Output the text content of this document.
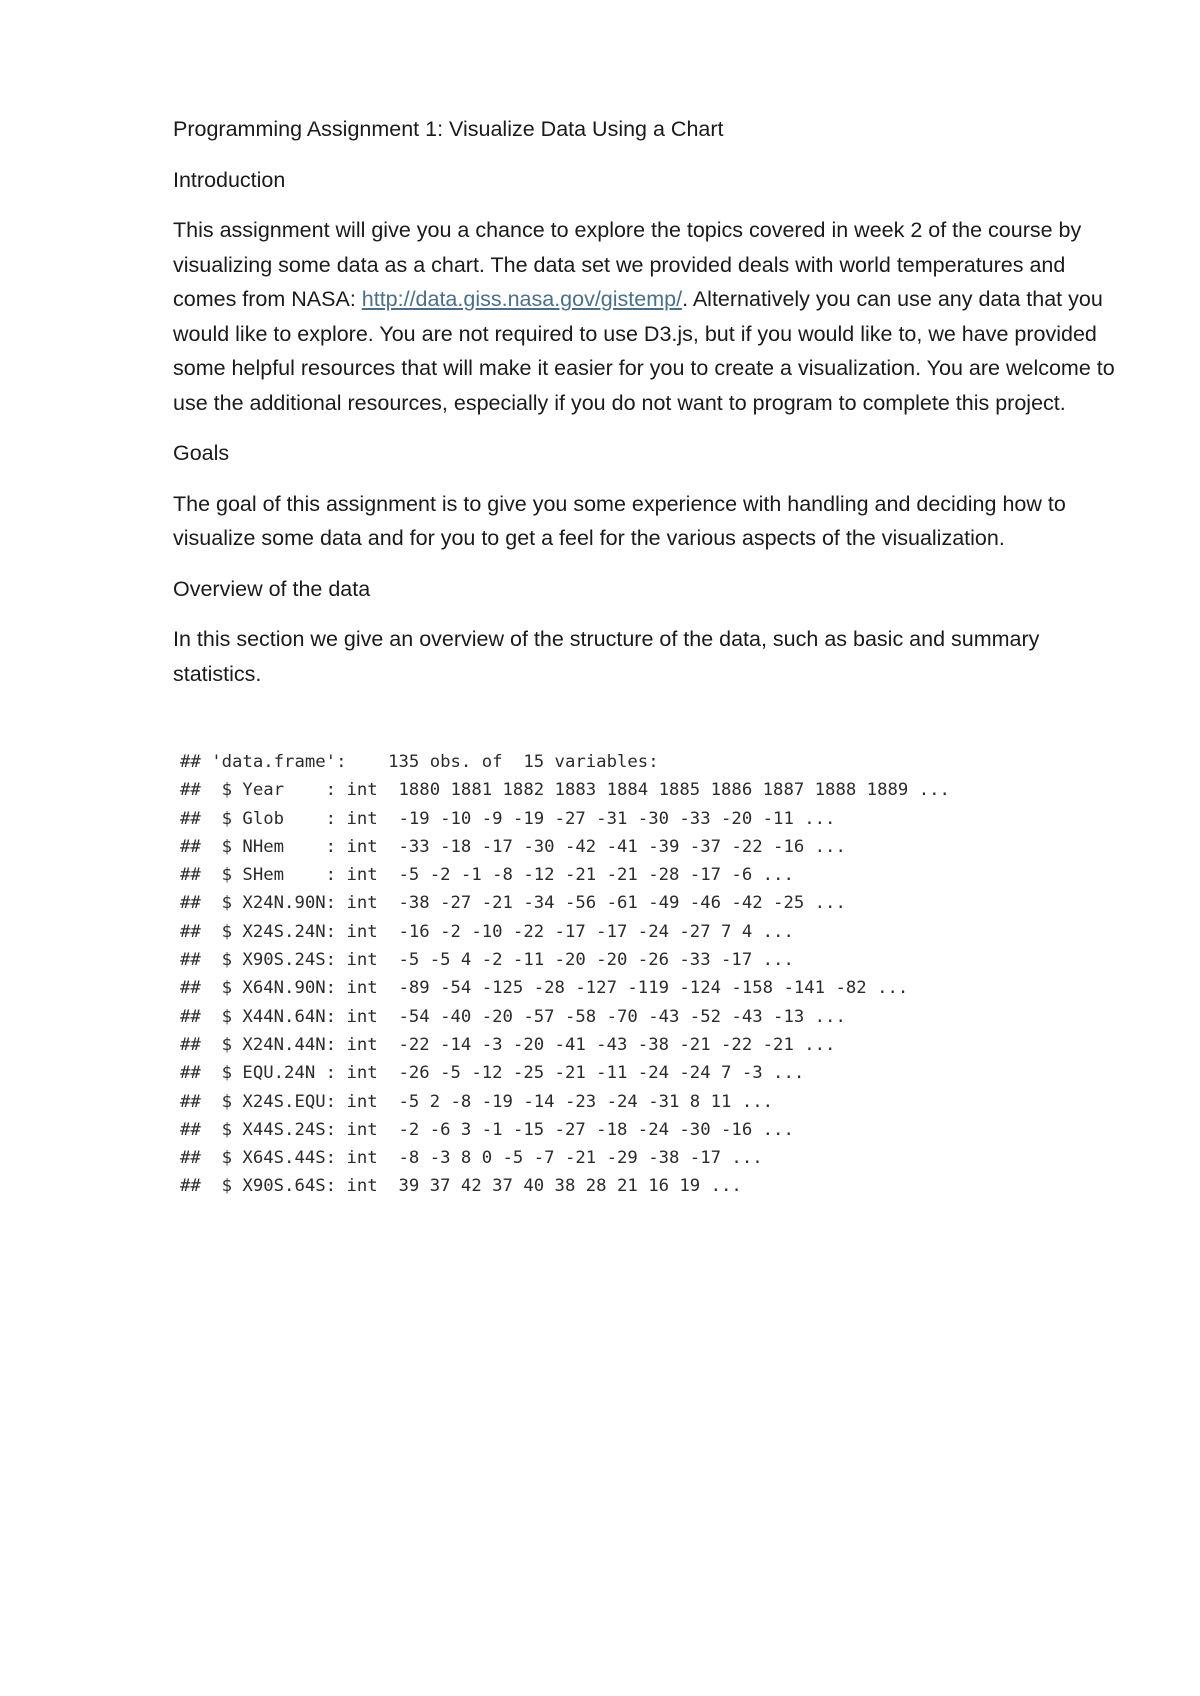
Programming Assignment 1: Visualize Data Using a Chart

Introduction

This assignment will give you a chance to explore the topics covered in week 2 of the course by visualizing some data as a chart. The data set we provided deals with world temperatures and comes from NASA: http://data.giss.nasa.gov/gistemp/. Alternatively you can use any data that you would like to explore. You are not required to use D3.js, but if you would like to, we have provided some helpful resources that will make it easier for you to create a visualization. You are welcome to use the additional resources, especially if you do not want to program to complete this project.

Goals

The goal of this assignment is to give you some experience with handling and deciding how to visualize some data and for you to get a feel for the various aspects of the visualization.

Overview of the data

In this section we give an overview of the structure of the data, such as basic and summary statistics.

## 'data.frame':    135 obs. of  15 variables:
##  $ Year    : int  1880 1881 1882 1883 1884 1885 1886 1887 1888 1889 ...
##  $ Glob    : int  -19 -10 -9 -19 -27 -31 -30 -33 -20 -11 ...
##  $ NHem    : int  -33 -18 -17 -30 -42 -41 -39 -37 -22 -16 ...
##  $ SHem    : int  -5 -2 -1 -8 -12 -21 -21 -28 -17 -6 ...
##  $ X24N.90N: int  -38 -27 -21 -34 -56 -61 -49 -46 -42 -25 ...
##  $ X24S.24N: int  -16 -2 -10 -22 -17 -17 -24 -27 7 4 ...
##  $ X90S.24S: int  -5 -5 4 -2 -11 -20 -20 -26 -33 -17 ...
##  $ X64N.90N: int  -89 -54 -125 -28 -127 -119 -124 -158 -141 -82 ...
##  $ X44N.64N: int  -54 -40 -20 -57 -58 -70 -43 -52 -43 -13 ...
##  $ X24N.44N: int  -22 -14 -3 -20 -41 -43 -38 -21 -22 -21 ...
##  $ EQU.24N : int  -26 -5 -12 -25 -21 -11 -24 -24 7 -3 ...
##  $ X24S.EQU: int  -5 2 -8 -19 -14 -23 -24 -31 8 11 ...
##  $ X44S.24S: int  -2 -6 3 -1 -15 -27 -18 -24 -30 -16 ...
##  $ X64S.44S: int  -8 -3 8 0 -5 -7 -21 -29 -38 -17 ...
##  $ X90S.64S: int  39 37 42 37 40 38 28 21 16 19 ...
